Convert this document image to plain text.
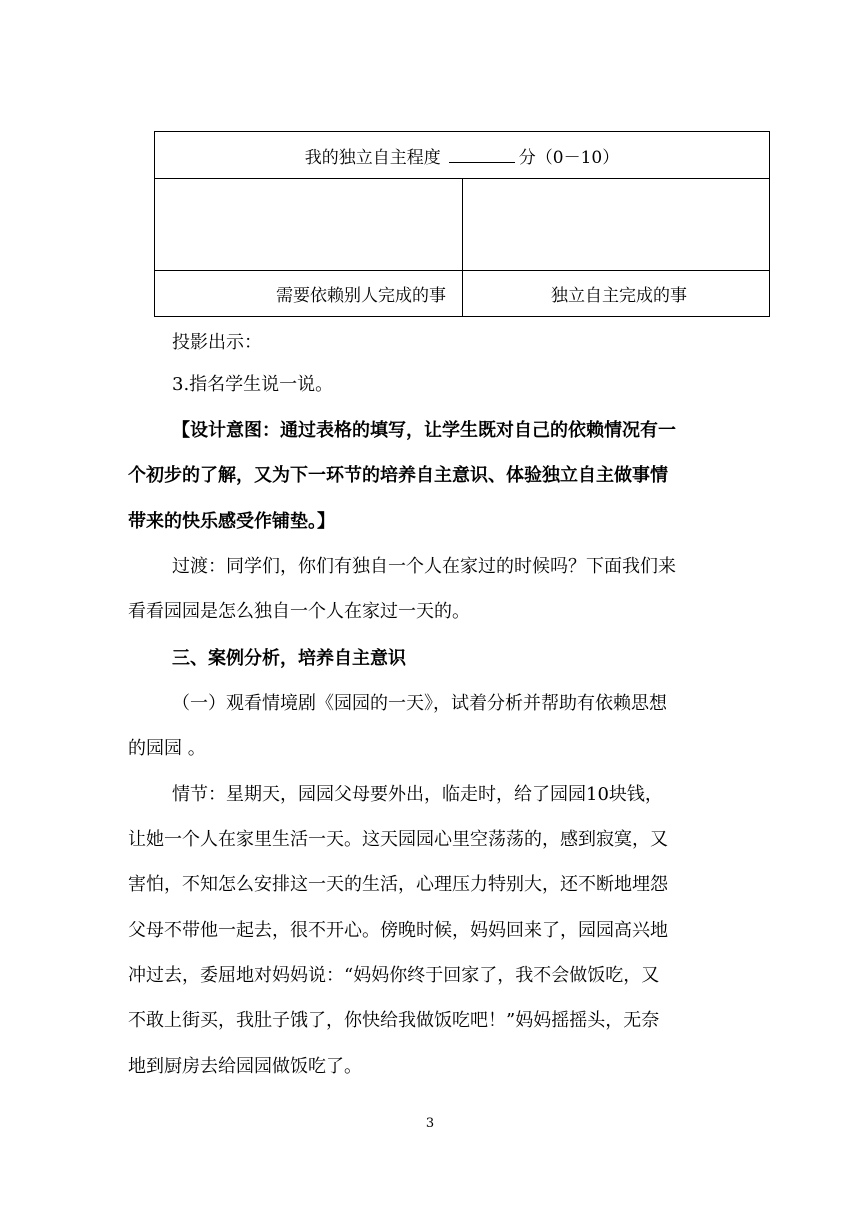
我的独立自主程度 分（0－10）	

需要依赖别人完成的事	独立自主完成的事
投影出示：
3.指名学生说一说。
【设计意图：通过表格的填写，让学生既对自己的依赖情况有一
个初步的了解，又为下一环节的培养自主意识、体验独立自主做事情
带来的快乐感受作铺垫。】
过渡：同学们，你们有独自一个人在家过的时候吗？下面我们来
看看园园是怎么独自一个人在家过一天的。
三、案例分析，培养自主意识
（一）观看情境剧《园园的一天》，试着分析并帮助有依赖思想
的园园 。
情节：星期天，园园父母要外出，临走时，给了园园10块钱，
让她一个人在家里生活一天。这天园园心里空荡荡的，感到寂寞，又
害怕，不知怎么安排这一天的生活，心理压力特别大，还不断地埋怨
父母不带他一起去，很不开心。傍晚时候，妈妈回来了，园园高兴地
冲过去，委屈地对妈妈说：“妈妈你终于回家了，我不会做饭吃，又
不敢上街买，我肚子饿了，你快给我做饭吃吧！”妈妈摇摇头，无奈
地到厨房去给园园做饭吃了。
3
